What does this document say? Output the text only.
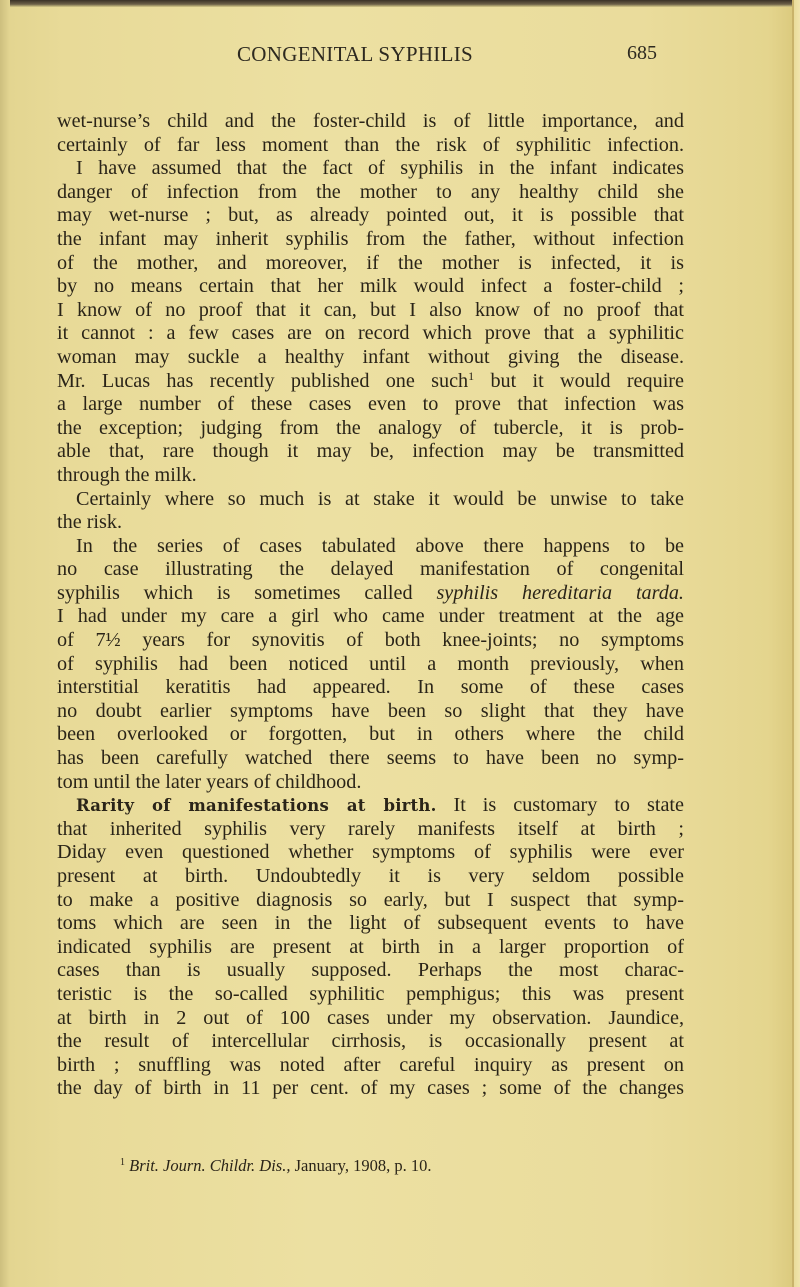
CONGENITAL SYPHILIS	685
wet-nurse’s child and the foster-child is of little importance, and
certainly of far less moment than the risk of syphilitic infection.
I have assumed that the fact of syphilis in the infant indicates
danger of infection from the mother to any healthy child she
may wet-nurse ; but, as already pointed out, it is possible that
the infant may inherit syphilis from the father, without infection
of the mother, and moreover, if the mother is infected, it is
by no means certain that her milk would infect a foster-child ;
I know of no proof that it can, but I also know of no proof that
it cannot : a few cases are on record which prove that a syphilitic
woman may suckle a healthy infant without giving the disease.
Mr. Lucas has recently published one such$^1$ but it would require
a large number of these cases even to prove that infection was
the exception; judging from the analogy of tubercle, it is prob-
able that, rare though it may be, infection may be transmitted
through the milk.
Certainly where so much is at stake it would be unwise to take
the risk.
In the series of cases tabulated above there happens to be
no case illustrating the delayed manifestation of congenital
syphilis which is sometimes called syphilis hereditaria tarda.
I had under my care a girl who came under treatment at the age
of 7½ years for synovitis of both knee-joints; no symptoms
of syphilis had been noticed until a month previously, when
interstitial keratitis had appeared. In some of these cases
no doubt earlier symptoms have been so slight that they have
been overlooked or forgotten, but in others where the child
has been carefully watched there seems to have been no symp-
tom until the later years of childhood.
Rarity of manifestations at birth. It is customary to state
that inherited syphilis very rarely manifests itself at birth ;
Diday even questioned whether symptoms of syphilis were ever
present at birth. Undoubtedly it is very seldom possible
to make a positive diagnosis so early, but I suspect that symp-
toms which are seen in the light of subsequent events to have
indicated syphilis are present at birth in a larger proportion of
cases than is usually supposed. Perhaps the most charac-
teristic is the so-called syphilitic pemphigus; this was present
at birth in 2 out of 100 cases under my observation. Jaundice,
the result of intercellular cirrhosis, is occasionally present at
birth ; snuffling was noted after careful inquiry as present on
the day of birth in 11 per cent. of my cases ; some of the changes
$^1$ Brit. Journ. Childr. Dis., January, 1908, p. 10.
